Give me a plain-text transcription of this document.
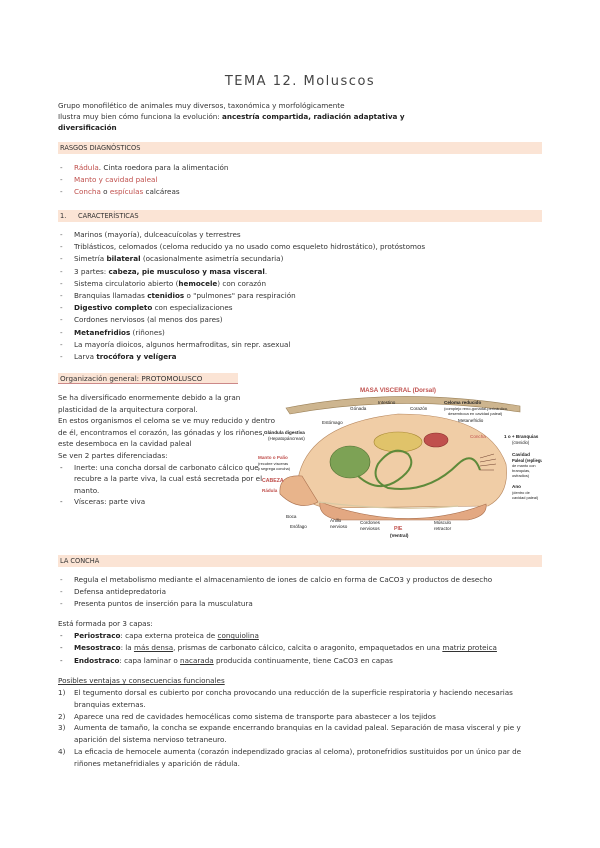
TEMA 12. Moluscos

Grupo monofilético de animales muy diversos, taxonómica y morfológicamente

Ilustra muy bien cómo funciona la evolución: ancestría compartida, radiación adaptativa y

diversificación

RASGOS DIAGNÓSTICOS
- Rádula. Cinta roedora para la alimentación
- Manto y cavidad paleal
- Concha o espículas calcáreas
1. CARACTERÍSTICAS
- Marinos (mayoría), dulceacuícolas y terrestres
- Triblásticos, celomados (celoma reducido ya no usado como esqueleto hidrostático), protóstomos
- Simetría bilateral (ocasionalmente asimetría secundaria)
- 3 partes: cabeza, pie musculoso y masa visceral.
- Sistema circulatorio abierto (hemocele) con corazón
- Branquias llamadas ctenidios o "pulmones" para respiración
- Digestivo completo con especializaciones
- Cordones nerviosos (al menos dos pares)
- Metanefridios (riñones)
- La mayoría dioicos, algunos hermafroditas, sin repr. asexual
- Larva trocófora y velígera
Organización general: PROTOMOLUSCO

Se ha diversificado enormemente debido a la gran plasticidad de la arquitectura corporal.

En estos organismos el celoma se ve muy reducido y dentro de él, encontramos el corazón, las gónadas y los riñones, este desemboca en la cavidad paleal

Se ven 2 partes diferenciadas:

- Inerte: una concha dorsal de carbonato cálcico que recubre a la parte viva, la cual está secretada por el manto.
- Vísceras: parte viva
MASA VISCERAL (Dorsal)
Intestino
Gónada	Corazón
Celoma reducido
(complejo reno-gonadal-pericárdico,
desemboca en cavidad paleal)
Estómago	Metanefridio
Glándula digestiva
(Hepatopáncreas)	Concha	1 o + Branquias
(ctenidio)
Manto o Palio
(recubre vísceras
y segrega concha)
Cavidad
Paleal (repliegue
de manto con
branquias,
osfradios)
CABEZA
Rádula
Ano
(dentro de
cavidad paleal)
Boca
Esófago
Anillo
nervioso
Cordones
nerviosos	PIE
(Ventral)
Músculo
retractor
LA CONCHA
- Regula el metabolismo mediante el almacenamiento de iones de calcio en forma de CaCO3 y productos de desecho
- Defensa antidepredatoria
- Presenta puntos de inserción para la musculatura

Está formada por 3 capas:

- Periostraco: capa externa proteica de conquiolina
- Mesostraco: la más densa, prismas de carbonato cálcico, calcita o aragonito, empaquetados en una matriz proteica
- Endostraco: capa laminar o nacarada producida continuamente, tiene CaCO3 en capas

Posibles ventajas y consecuencias funcionales

1) El tegumento dorsal es cubierto por concha provocando una reducción de la superficie respiratoria y haciendo necesarias branquias externas.
2) Aparece una red de cavidades hemocélicas como sistema de transporte para abastecer a los tejidos
3) Aumenta de tamaño, la concha se expande encerrando branquias en la cavidad paleal. Separación de masa visceral y pie y aparición del sistema nervioso tetraneuro.
4) La eficacia de hemocele aumenta (corazón independizado gracias al celoma), protonefridios sustituidos por un único par de riñones metanefridiales y aparición de rádula.
